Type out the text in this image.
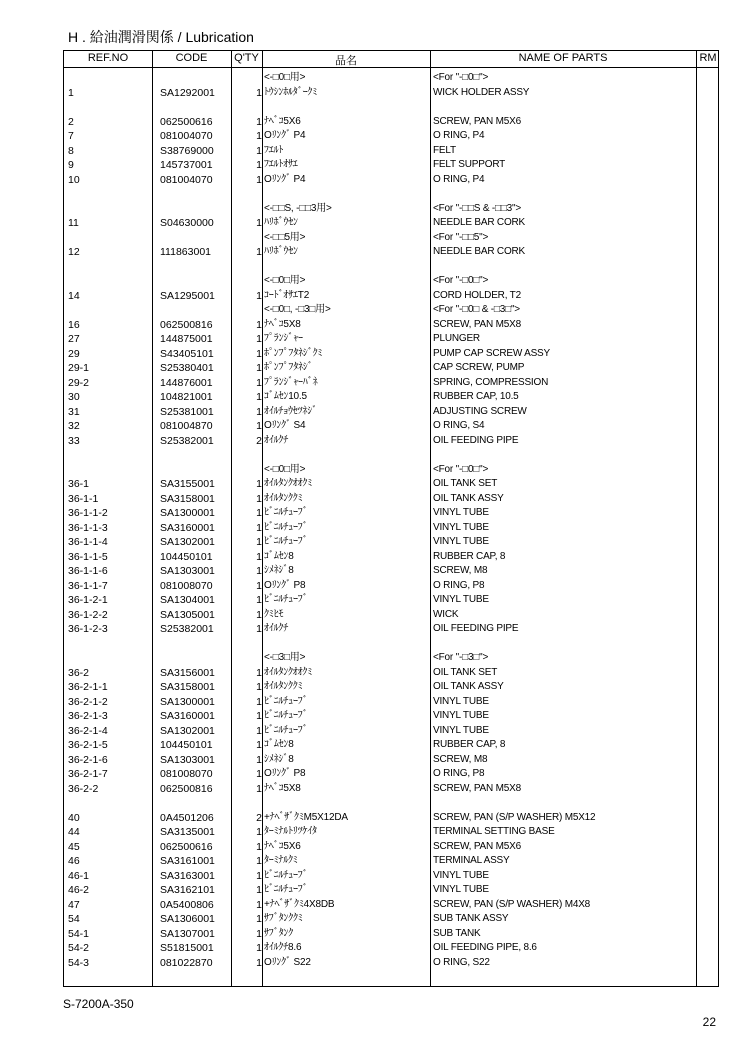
H . 給油潤滑関係 / Lubrication
REF.NO	CODE	Q'TY	品名	NAME OF PARTS	RM
<-□0□用>	<For "-□0□">
1	SA1292001	1 ﾄｳｼﾝﾎﾙﾀﾞｰｸﾐ	WICK HOLDER ASSY
2	062500616	1 ﾅﾍﾞｺ5X6	SCREW, PAN M5X6
7	081004070	1 Oﾘﾝｸﾞ P4	O RING, P4
8	S38769000	1 ﾌｴﾙﾄ	FELT
9	145737001	1 ﾌｴﾙﾄｵｻｴ	FELT SUPPORT
10	081004070	1 Oﾘﾝｸﾞ P4	O RING, P4
<-□□S, -□□3用>	<For "-□□S & -□□3">
11	S04630000	1 ﾊﾘﾎﾞｳｾﾝ	NEEDLE BAR CORK
<-□□5用>	<For "-□□5">
12	111863001	1 ﾊﾘﾎﾞｳｾﾝ	NEEDLE BAR CORK
<-□0□用>	<For "-□0□">
14	SA1295001	1 ｺｰﾄﾞｵｻｴT2	CORD HOLDER, T2
<-□0□, -□3□用>	<For "-□0□ & -□3□">
16	062500816	1 ﾅﾍﾞｺ5X8	SCREW, PAN M5X8
27	144875001	1 ﾌﾟﾗﾝｼﾞｬｰ	PLUNGER
29	S43405101	1 ﾎﾟﾝﾌﾟﾌﾀﾈｼﾞｸﾐ	PUMP CAP SCREW ASSY
29-1	S25380401	1 ﾎﾟﾝﾌﾟﾌﾀﾈｼﾞ	CAP SCREW, PUMP
29-2	144876001	1 ﾌﾟﾗﾝｼﾞｬｰﾊﾞﾈ	SPRING, COMPRESSION
30	104821001	1 ｺﾞﾑｾﾝ10.5	RUBBER CAP, 10.5
31	S25381001	1 ｵｲﾙﾁｮｳｾﾂﾈｼﾞ	ADJUSTING SCREW
32	081004870	1 Oﾘﾝｸﾞ S4	O RING, S4
33	S25382001	2 ｵｲﾙｸﾁ	OIL FEEDING PIPE
<-□0□用>	<For "-□0□">
36-1	SA3155001	1 ｵｲﾙﾀﾝｸｵｵｸﾐ	OIL TANK SET
36-1-1	SA3158001	1 ｵｲﾙﾀﾝｸｸﾐ	OIL TANK ASSY
36-1-1-2	SA1300001	1 ﾋﾞﾆﾙﾁｭｰﾌﾞ	VINYL TUBE
36-1-1-3	SA3160001	1 ﾋﾞﾆﾙﾁｭｰﾌﾞ	VINYL TUBE
36-1-1-4	SA1302001	1 ﾋﾞﾆﾙﾁｭｰﾌﾞ	VINYL TUBE
36-1-1-5	104450101	1 ｺﾞﾑｾﾝ8	RUBBER CAP, 8
36-1-1-6	SA1303001	1 ｼﾒﾈｼﾞ8	SCREW, M8
36-1-1-7	081008070	1 Oﾘﾝｸﾞ P8	O RING, P8
36-1-2-1	SA1304001	1 ﾋﾞﾆﾙﾁｭｰﾌﾞ	VINYL TUBE
36-1-2-2	SA1305001	1 ｸﾐﾋﾓ	WICK
36-1-2-3	S25382001	1 ｵｲﾙｸﾁ	OIL FEEDING PIPE
<-□3□用>	<For "-□3□">
36-2	SA3156001	1 ｵｲﾙﾀﾝｸｵｵｸﾐ	OIL TANK SET
36-2-1-1	SA3158001	1 ｵｲﾙﾀﾝｸｸﾐ	OIL TANK ASSY
36-2-1-2	SA1300001	1 ﾋﾞﾆﾙﾁｭｰﾌﾞ	VINYL TUBE
36-2-1-3	SA3160001	1 ﾋﾞﾆﾙﾁｭｰﾌﾞ	VINYL TUBE
36-2-1-4	SA1302001	1 ﾋﾞﾆﾙﾁｭｰﾌﾞ	VINYL TUBE
36-2-1-5	104450101	1 ｺﾞﾑｾﾝ8	RUBBER CAP, 8
36-2-1-6	SA1303001	1 ｼﾒﾈｼﾞ8	SCREW, M8
36-2-1-7	081008070	1 Oﾘﾝｸﾞ P8	O RING, P8
36-2-2	062500816	1 ﾅﾍﾞｺ5X8	SCREW, PAN M5X8
40	0A4501206	2 +ﾅﾍﾞｻﾞｸﾐM5X12DA	SCREW, PAN (S/P WASHER) M5X12
44	SA3135001	1 ﾀｰﾐﾅﾙﾄﾘﾂｹｲﾀ	TERMINAL SETTING BASE
45	062500616	1 ﾅﾍﾞｺ5X6	SCREW, PAN M5X6
46	SA3161001	1 ﾀｰﾐﾅﾙｸﾐ	TERMINAL ASSY
46-1	SA3163001	1 ﾋﾞﾆﾙﾁｭｰﾌﾞ	VINYL TUBE
46-2	SA3162101	1 ﾋﾞﾆﾙﾁｭｰﾌﾞ	VINYL TUBE
47	0A5400806	1 +ﾅﾍﾞｻﾞｸﾐ4X8DB	SCREW, PAN (S/P WASHER) M4X8
54	SA1306001	1 ｻﾌﾞﾀﾝｸｸﾐ	SUB TANK ASSY
54-1	SA1307001	1 ｻﾌﾞﾀﾝｸ	SUB TANK
54-2	S51815001	1 ｵｲﾙｸﾁ8.6	OIL FEEDING PIPE, 8.6
54-3	081022870	1 Oﾘﾝｸﾞ S22	O RING, S22
S-7200A-350
22
